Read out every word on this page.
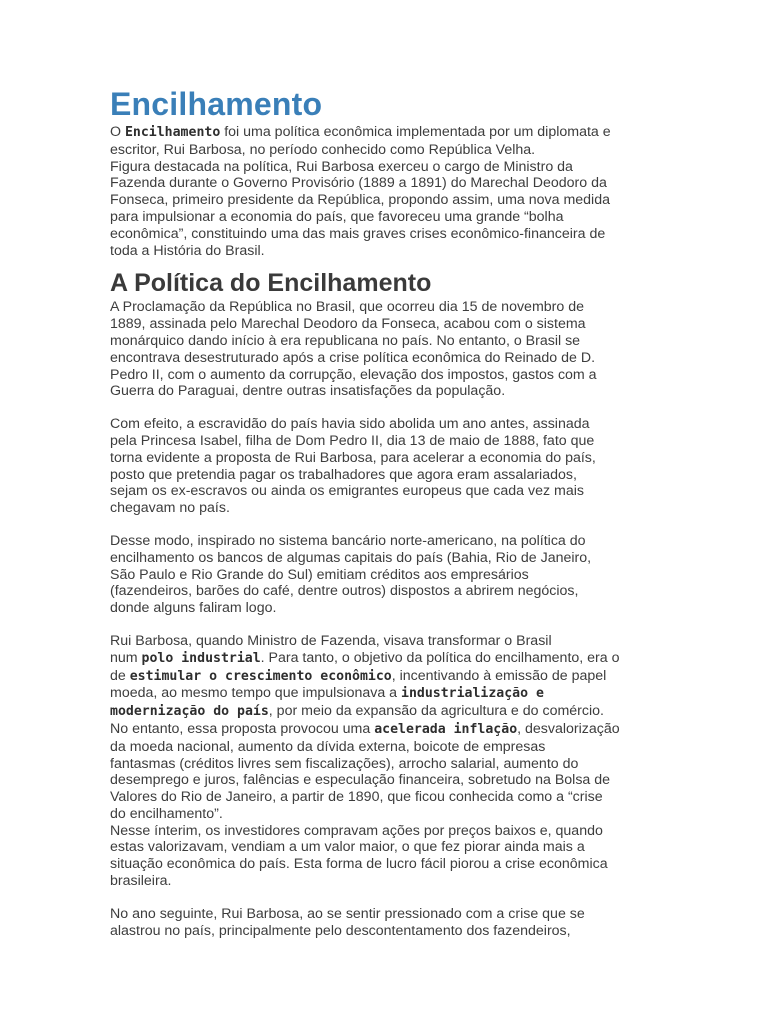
Encilhamento

O Encilhamento foi uma política econômica implementada por um diplomata e

escritor, Rui Barbosa, no período conhecido como República Velha.

Figura destacada na política, Rui Barbosa exerceu o cargo de Ministro da

Fazenda durante o Governo Provisório (1889 a 1891) do Marechal Deodoro da

Fonseca, primeiro presidente da República, propondo assim, uma nova medida

para impulsionar a economia do país, que favoreceu uma grande “bolha

econômica”, constituindo uma das mais graves crises econômico-financeira de

toda a História do Brasil.

A Política do Encilhamento

A Proclamação da República no Brasil, que ocorreu dia 15 de novembro de

1889, assinada pelo Marechal Deodoro da Fonseca, acabou com o sistema

monárquico dando início à era republicana no país. No entanto, o Brasil se

encontrava desestruturado após a crise política econômica do Reinado de D.

Pedro II, com o aumento da corrupção, elevação dos impostos, gastos com a

Guerra do Paraguai, dentre outras insatisfações da população.

Com efeito, a escravidão do país havia sido abolida um ano antes, assinada

pela Princesa Isabel, filha de Dom Pedro II, dia 13 de maio de 1888, fato que

torna evidente a proposta de Rui Barbosa, para acelerar a economia do país,

posto que pretendia pagar os trabalhadores que agora eram assalariados,

sejam os ex-escravos ou ainda os emigrantes europeus que cada vez mais

chegavam no país.

Desse modo, inspirado no sistema bancário norte-americano, na política do

encilhamento os bancos de algumas capitais do país (Bahia, Rio de Janeiro,

São Paulo e Rio Grande do Sul) emitiam créditos aos empresários

(fazendeiros, barões do café, dentre outros) dispostos a abrirem negócios,

donde alguns faliram logo.

Rui Barbosa, quando Ministro de Fazenda, visava transformar o Brasil

num polo industrial. Para tanto, o objetivo da política do encilhamento, era o

de estimular o crescimento econômico, incentivando à emissão de papel

moeda, ao mesmo tempo que impulsionava a industrialização e

modernização do país, por meio da expansão da agricultura e do comércio.

No entanto, essa proposta provocou uma acelerada inflação, desvalorização

da moeda nacional, aumento da dívida externa, boicote de empresas

fantasmas (créditos livres sem fiscalizações), arrocho salarial, aumento do

desemprego e juros, falências e especulação financeira, sobretudo na Bolsa de

Valores do Rio de Janeiro, a partir de 1890, que ficou conhecida como a “crise

do encilhamento”.

Nesse ínterim, os investidores compravam ações por preços baixos e, quando

estas valorizavam, vendiam a um valor maior, o que fez piorar ainda mais a

situação econômica do país. Esta forma de lucro fácil piorou a crise econômica

brasileira.

No ano seguinte, Rui Barbosa, ao se sentir pressionado com a crise que se

alastrou no país, principalmente pelo descontentamento dos fazendeiros,
